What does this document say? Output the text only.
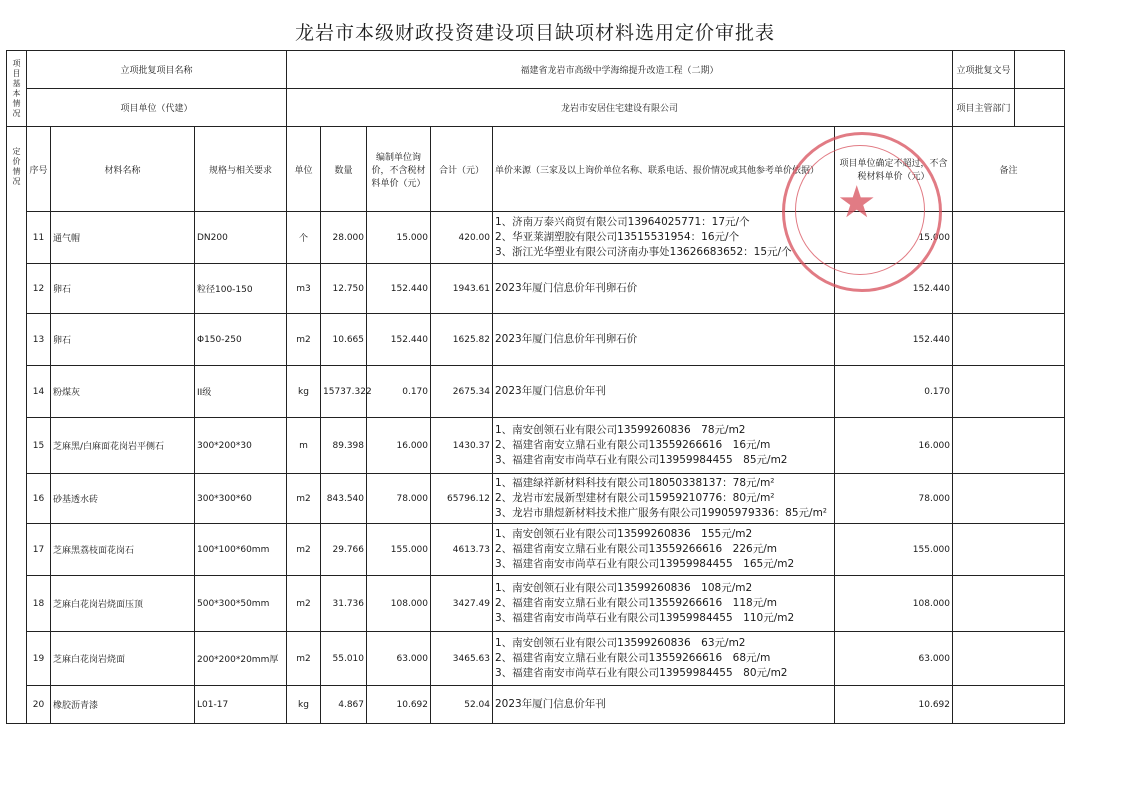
龙岩市本级财政投资建设项目缺项材料选用定价审批表
项目基本情况	立项批复项目名称			福建省龙岩市高级中学海绵提升改造工程（二期）						立项批复文号	
	项目单位（代建）			龙岩市安居住宅建设有限公司						项目主管部门	
定价情况	序号	材料名称	规格与相关要求	单位	数量	编制单位询价，不含税材料单价（元）	合计（元）	单价来源（三家及以上询价单位名称、联系电话、报价情况或其他参考单价依据）	项目单位确定不超过，不含税材料单价（元）	备注	
	11	通气帽	DN200	个	28.000	15.000	420.00	1、济南万泰兴商贸有限公司13964025771：17元/个
2、华亚莱湖塑胶有限公司13515531954：16元/个
3、浙江光华塑业有限公司济南办事处13626683652：15元/个	15.000		
	12	卵石	粒径100-150	m3	12.750	152.440	1943.61	2023年厦门信息价年刊卵石价	152.440		
	13	卵石	Φ150-250	m2	10.665	152.440	1625.82	2023年厦门信息价年刊卵石价	152.440		
	14	粉煤灰	II级	kg	15737.322	0.170	2675.34	2023年厦门信息价年刊	0.170		
	15	芝麻黑/白麻面花岗岩平侧石	300*200*30	m	89.398	16.000	1430.37	1、南安创领石业有限公司13599260836　78元/m2
2、福建省南安立鼎石业有限公司13559266616　16元/m
3、福建省南安市尚草石业有限公司13959984455　85元/m2	16.000		
	16	砂基透水砖	300*300*60	m2	843.540	78.000	65796.12	1、福建绿祥新材料科技有限公司18050338137：78元/m²
2、龙岩市宏晟新型建材有限公司15959210776：80元/m²
3、龙岩市鼎煜新材料技术推广服务有限公司19905979336：85元/m²	78.000		
	17	芝麻黑荔枝面花岗石	100*100*60mm	m2	29.766	155.000	4613.73	1、南安创领石业有限公司13599260836　155元/m2
2、福建省南安立鼎石业有限公司13559266616　226元/m
3、福建省南安市尚草石业有限公司13959984455　165元/m2	155.000		
	18	芝麻白花岗岩烧面压顶	500*300*50mm	m2	31.736	108.000	3427.49	1、南安创领石业有限公司13599260836　108元/m2
2、福建省南安立鼎石业有限公司13559266616　118元/m
3、福建省南安市尚草石业有限公司13959984455　110元/m2	108.000		
	19	芝麻白花岗岩烧面	200*200*20mm厚	m2	55.010	63.000	3465.63	1、南安创领石业有限公司13599260836　63元/m2
2、福建省南安立鼎石业有限公司13559266616　68元/m
3、福建省南安市尚草石业有限公司13959984455　80元/m2	63.000		
	20	橡胶沥青漆	L01-17	kg	4.867	10.692	52.04	2023年厦门信息价年刊	10.692		
★
